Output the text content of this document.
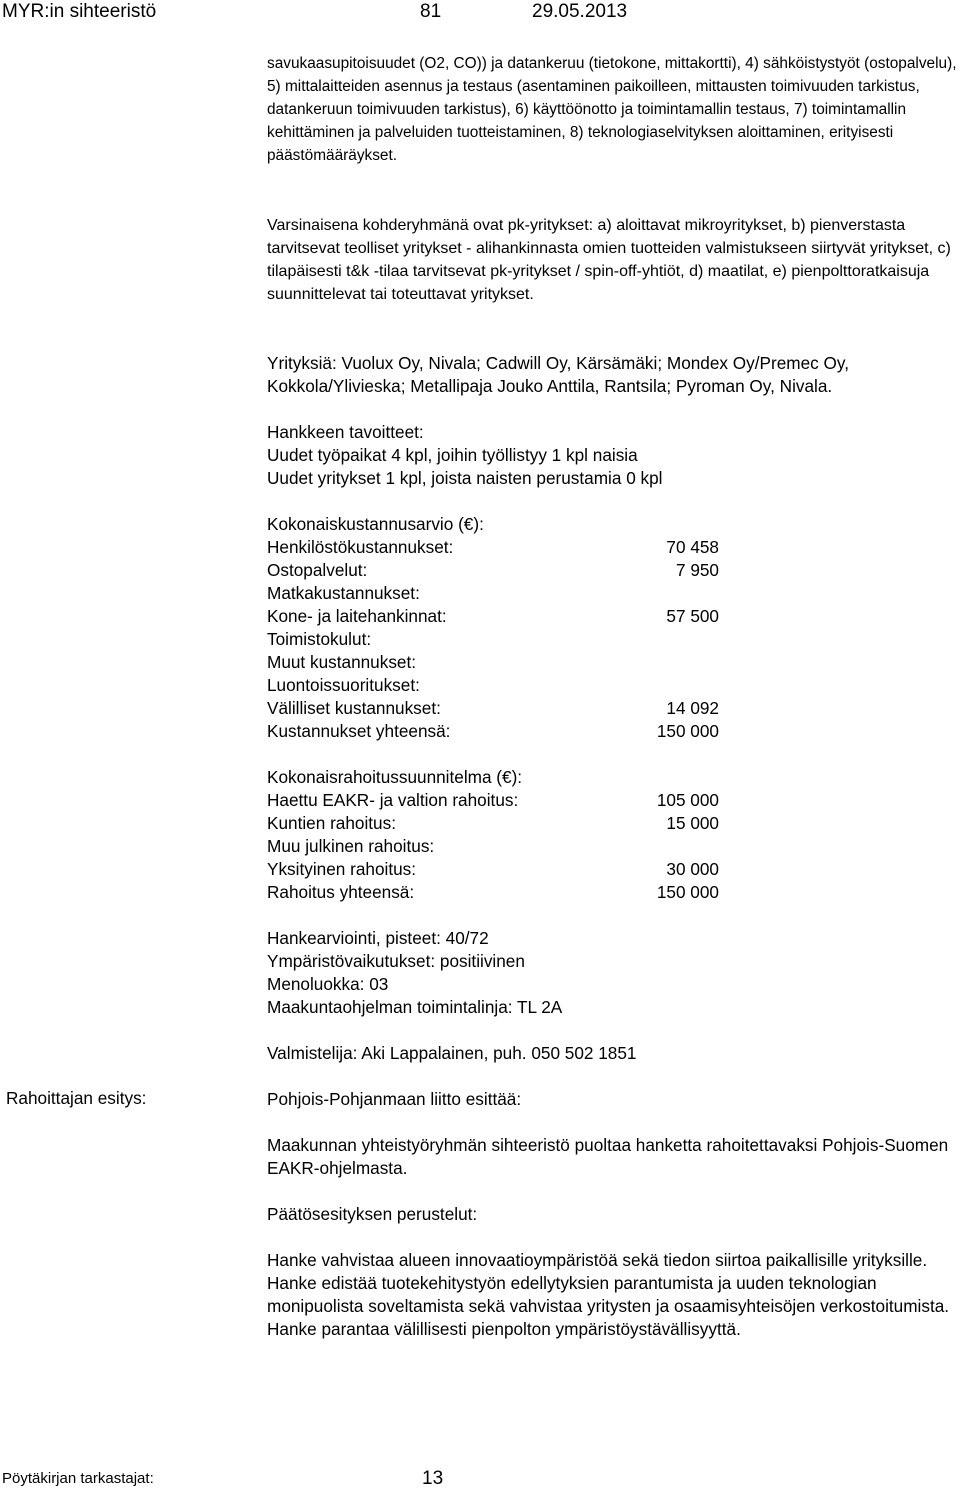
MYR:in sihteeristö	81	29.05.2013

savukaasupitoisuudet (O2, CO)) ja datankeruu (tietokone, mittakortti), 4) sähköistystyöt (ostopalvelu), 5) mittalaitteiden asennus ja testaus (asentaminen paikoilleen, mittausten toimivuuden tarkistus, datankeruun toimivuuden tarkistus), 6) käyttöönotto ja toimintamallin testaus, 7) toimintamallin kehittäminen ja palveluiden tuotteistaminen, 8) teknologiaselvityksen aloittaminen, erityisesti päästömääräykset.

Varsinaisena kohderyhmänä ovat pk-yritykset: a) aloittavat mikroyritykset, b) pienverstasta tarvitsevat teolliset yritykset - alihankinnasta omien tuotteiden valmistukseen siirtyvät yritykset, c) tilapäisesti t&k -tilaa tarvitsevat pk-yritykset / spin-off-yhtiöt, d) maatilat, e) pienpolttoratkaisuja suunnittelevat tai toteuttavat yritykset.

Yrityksiä: Vuolux Oy, Nivala; Cadwill Oy, Kärsämäki; Mondex Oy/Premec Oy, Kokkola/Ylivieska; Metallipaja Jouko Anttila, Rantsila; Pyroman Oy, Nivala.

Hankkeen tavoitteet:
Uudet työpaikat 4 kpl, joihin työllistyy 1 kpl naisia
Uudet yritykset 1 kpl, joista naisten perustamia 0 kpl
Kokonaiskustannusarvio (€):
Henkilöstökustannukset:	70 458
Ostopalvelut:	7 950
Matkakustannukset:
Kone- ja laitehankinnat:	57 500
Toimistokulut:
Muut kustannukset:
Luontoissuoritukset:
Välilliset kustannukset:	14 092
Kustannukset yhteensä:	150 000
Kokonaisrahoitussuunnitelma (€):
Haettu EAKR- ja valtion rahoitus:	105 000
Kuntien rahoitus:	15 000
Muu julkinen rahoitus:
Yksityinen rahoitus:	30 000
Rahoitus yhteensä:	150 000
Hankearviointi, pisteet: 40/72
Ympäristövaikutukset: positiivinen
Menoluokka: 03
Maakuntaohjelman toimintalinja: TL 2A
Valmistelija: Aki Lappalainen, puh. 050 502 1851
Rahoittajan esitys:	Pohjois-Pohjanmaan liitto esittää:

Maakunnan yhteistyöryhmän sihteeristö puoltaa hanketta rahoitettavaksi Pohjois-Suomen EAKR-ohjelmasta.

Päätösesityksen perustelut:

Hanke vahvistaa alueen innovaatioympäristöä sekä tiedon siirtoa paikallisille yrityksille. Hanke edistää tuotekehitystyön edellytyksien parantumista ja uuden teknologian monipuolista soveltamista sekä vahvistaa yritysten ja osaamisyhteisöjen verkostoitumista. Hanke parantaa välillisesti pienpolton ympäristöystävällisyyttä.

Pöytäkirjan tarkastajat:	13
